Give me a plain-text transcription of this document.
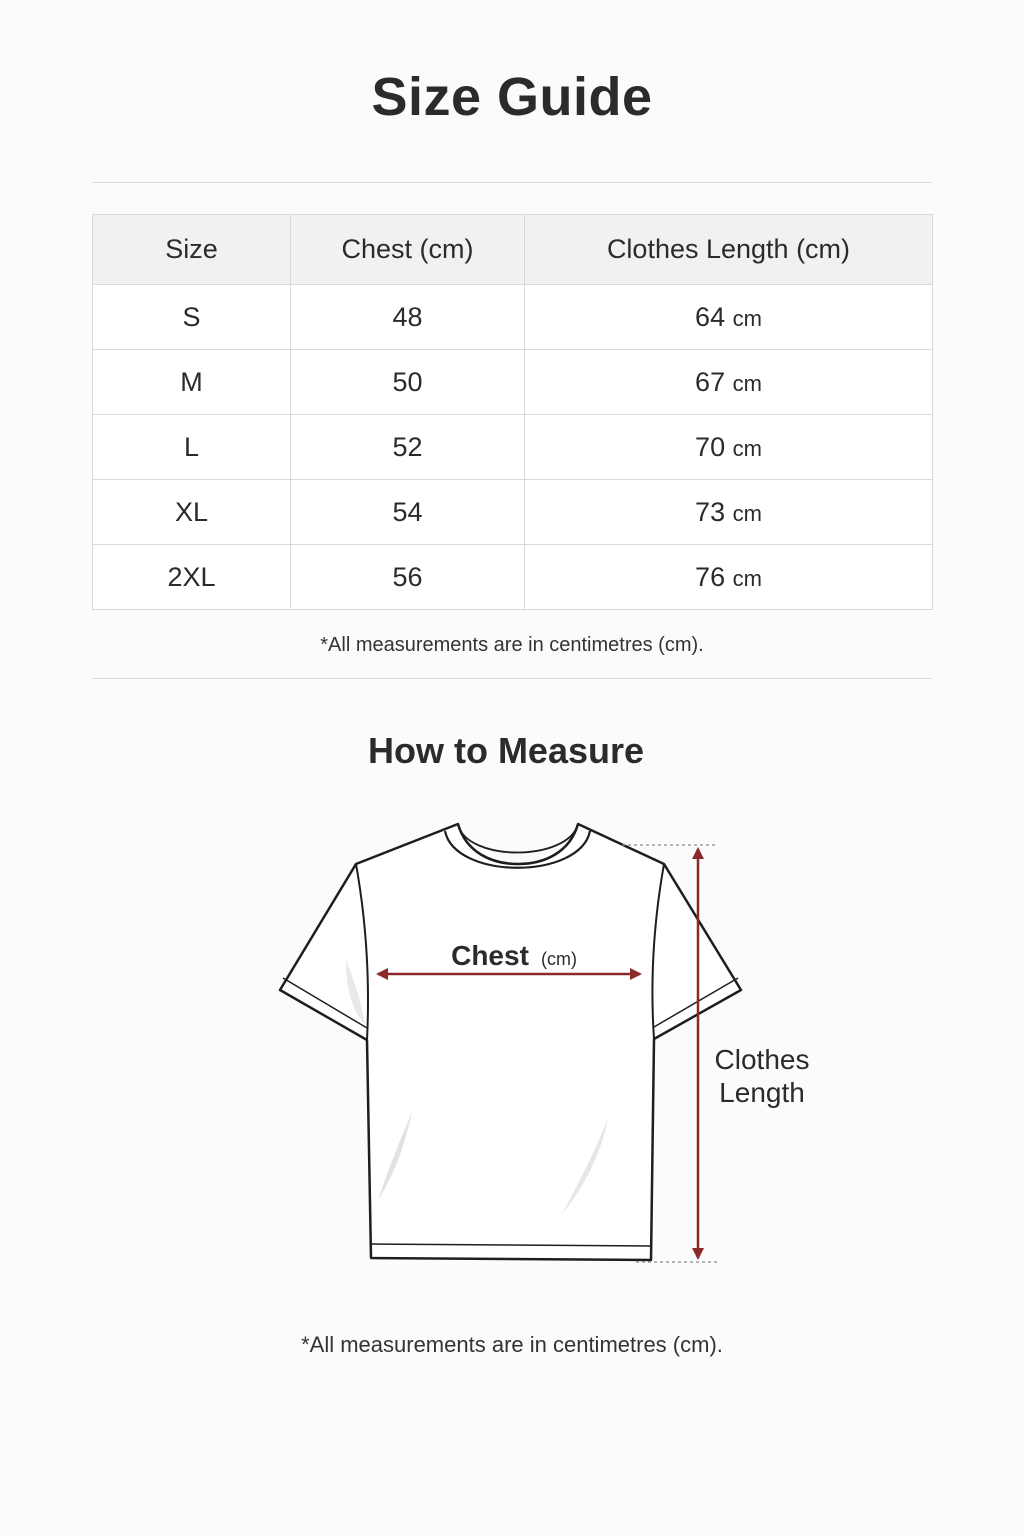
Size Guide
Size	Chest (cm)	Clothes Length (cm)
S	48	64 cm
M	50	67 cm
L	52	70 cm
XL	54	73 cm
2XL	56	76 cm
*All measurements are in centimetres (cm).
How to Measure
Chest (cm)
Clothes
Length
*All measurements are in centimetres (cm).
